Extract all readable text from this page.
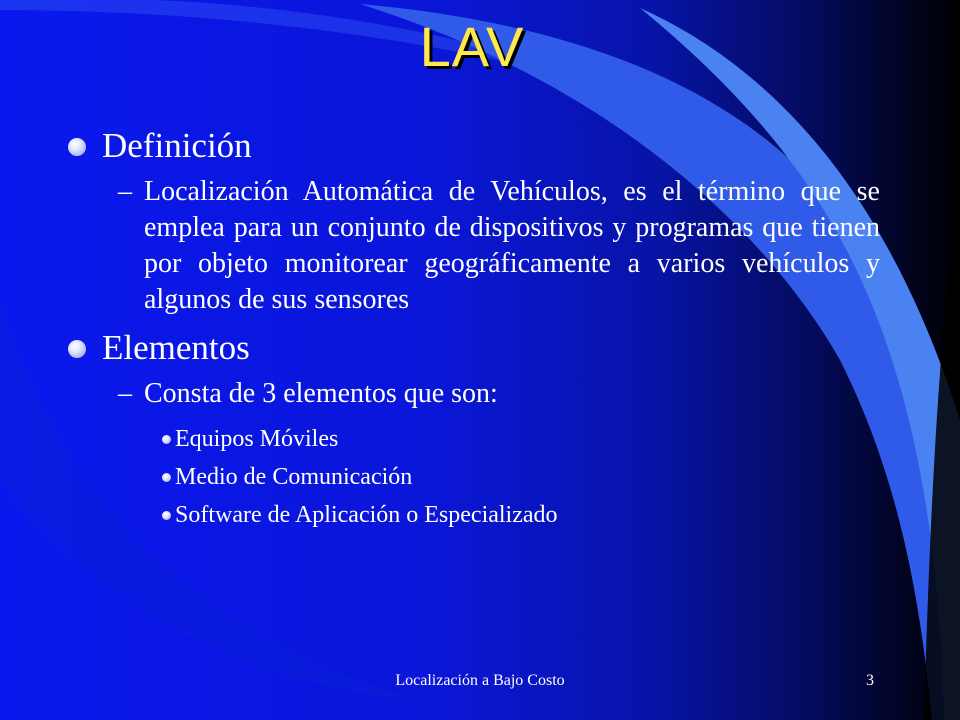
LAV
Definición
– Localización Automática de Vehículos, es el término que se emplea para un conjunto de dispositivos y programas que tienen por objeto monitorear geográficamente a varios vehículos y algunos de sus sensores
Elementos
– Consta de 3 elementos que son:
Equipos Móviles
Medio de Comunicación
Software de Aplicación o Especializado
Localización a Bajo Costo	3
